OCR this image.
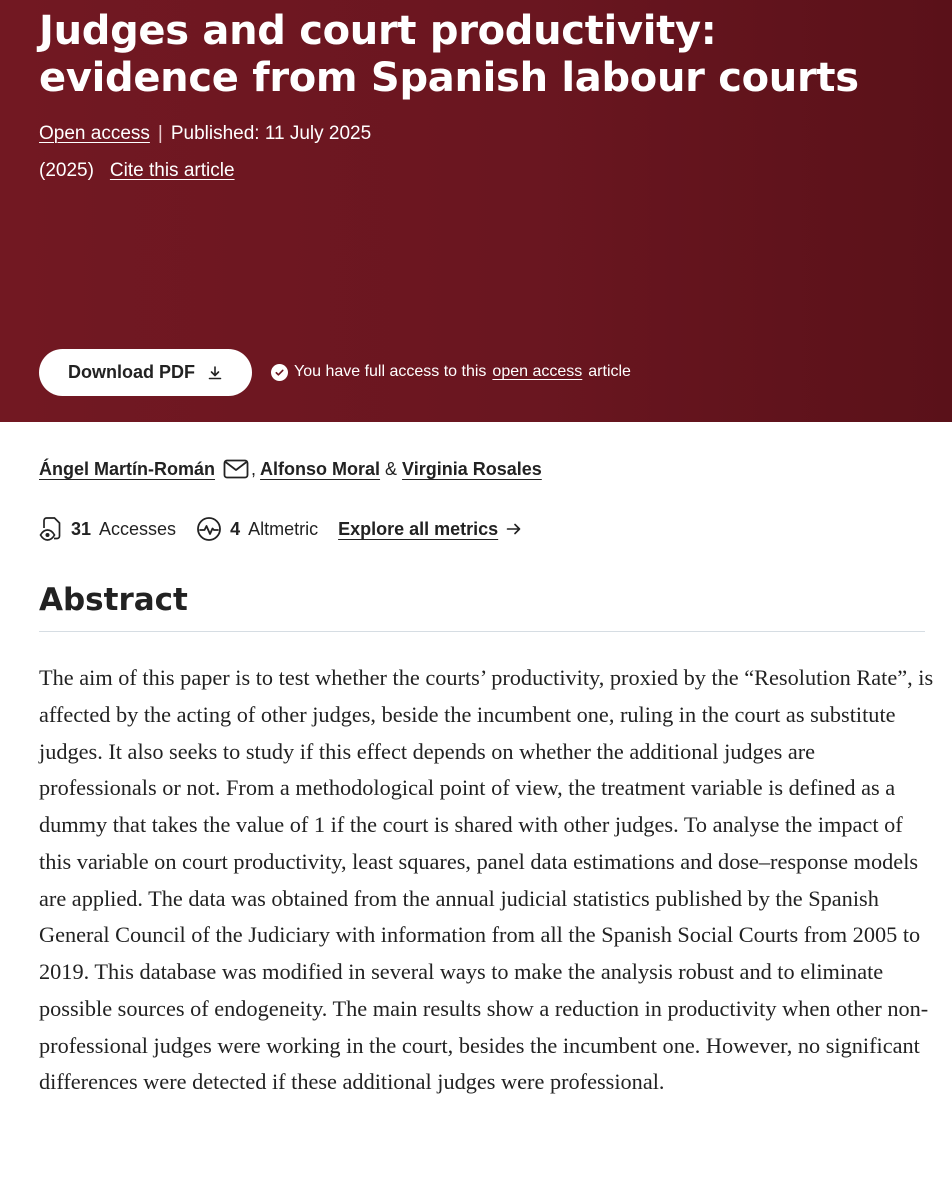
Judges and court productivity: evidence from Spanish labour courts
Open access | Published: 11 July 2025
(2025) Cite this article
Download PDF	You have full access to this open access article
Ángel Martín-Román , Alfonso Moral & Virginia Rosales
31 Accesses	4 Altmetric Explore all metrics
Abstract

The aim of this paper is to test whether the courts’ productivity, proxied by the “Resolution Rate”, is affected by the acting of other judges, beside the incumbent one, ruling in the court as substitute judges. It also seeks to study if this effect depends on whether the additional judges are professionals or not. From a methodological point of view, the treatment variable is defined as a dummy that takes the value of 1 if the court is shared with other judges. To analyse the impact of this variable on court productivity, least squares, panel data estimations and dose–response models are applied. The data was obtained from the annual judicial statistics published by the Spanish General Council of the Judiciary with information from all the Spanish Social Courts from 2005 to 2019. This database was modified in several ways to make the analysis robust and to eliminate possible sources of endogeneity. The main results show a reduction in productivity when other non-professional judges were working in the court, besides the incumbent one. However, no significant differences were detected if these additional judges were professional.
